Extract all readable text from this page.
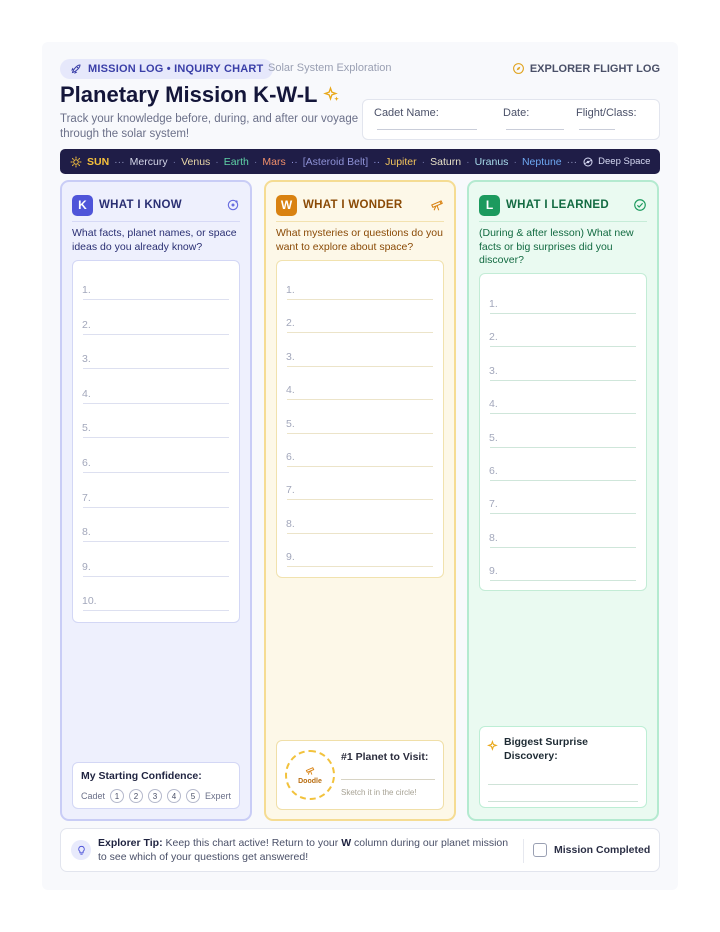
MISSION LOG • INQUIRY CHART Solar System Exploration	EXPLORER FLIGHT LOG
Planetary Mission K-W-L
Track your knowledge before, during, and after our voyage through the solar system!
Cadet Name:	Date:	Flight/Class:
SUN ··· Mercury · Venus · Earth · Mars ·· [Asteroid Belt] ·· Jupiter · Saturn · Uranus · Neptune ··· Deep Space
K	WHAT I KNOW
What facts, planet names, or space ideas do you already know?
1.
2.
3.
4.
5.
6.
7.
8.
9.
10.
My Starting Confidence:
Cadet	1	2	3	4	5	Expert
W WHAT I WONDER
What mysteries or questions do you want to explore about space?
1.
2.
3.
4.
5.
6.
7.
8.
9.
Doodle
#1 Planet to Visit:
Sketch it in the circle!
L	WHAT I LEARNED
(During & after lesson) What new facts or big surprises did you discover?
1.
2.
3.
4.
5.
6.
7.
8.
9.
Biggest Surprise Discovery:
Explorer Tip: Keep this chart active! Return to your W column during our planet mission to see which of your questions get answered!
Mission Completed
